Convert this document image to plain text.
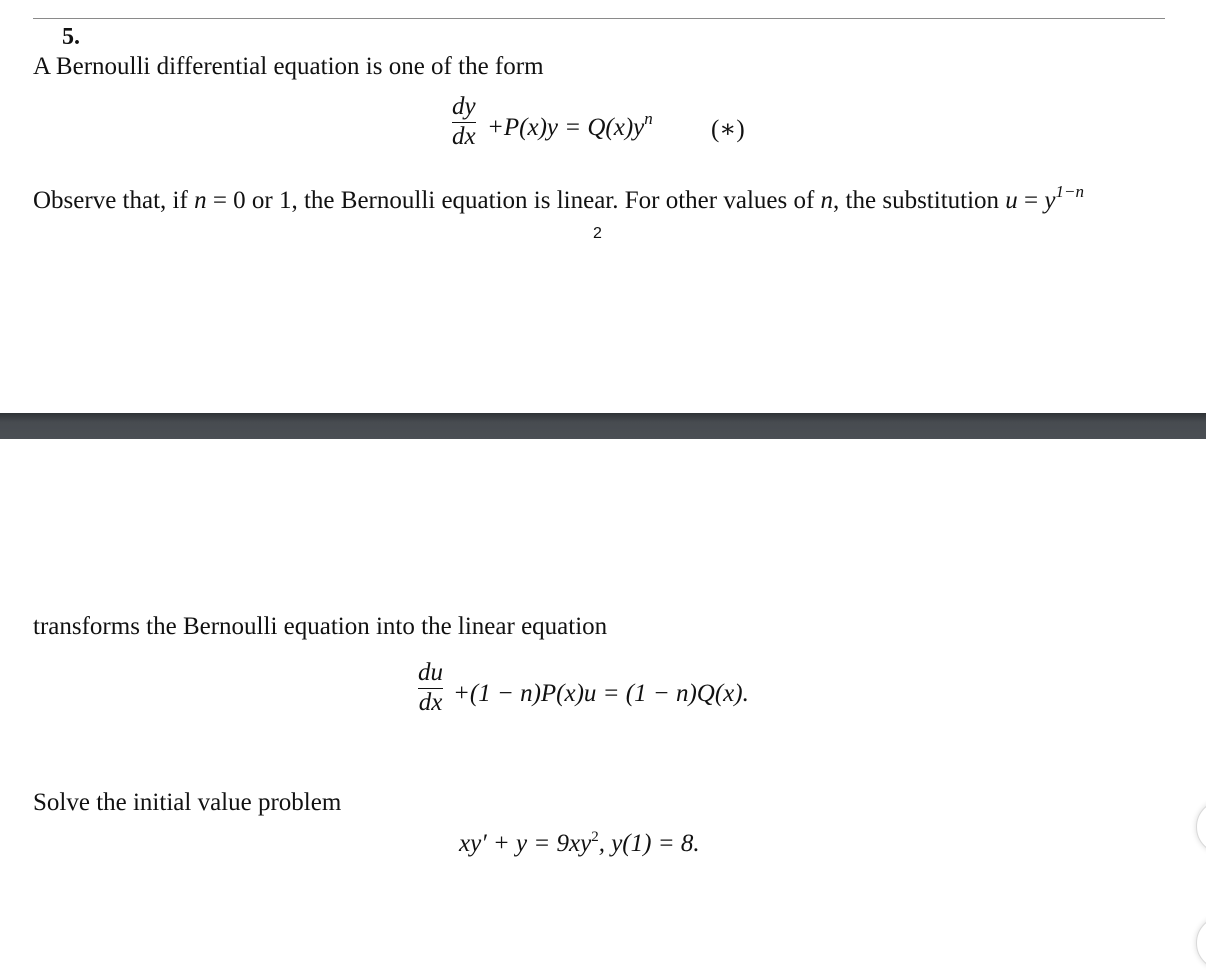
5.
A Bernoulli differential equation is one of the form
dy
dx $+P(x)y = Q(x)y^n$ (∗)
Observe that, if n = 0 or 1, the Bernoulli equation is linear. For other values of n, the substitution $u = y^{1-n}$
2
transforms the Bernoulli equation into the linear equation
du
dx +(1 − n)P(x)u = (1 − n)Q(x).
Solve the initial value problem
$xy' + y = 9xy^2$, y(1) = 8.
